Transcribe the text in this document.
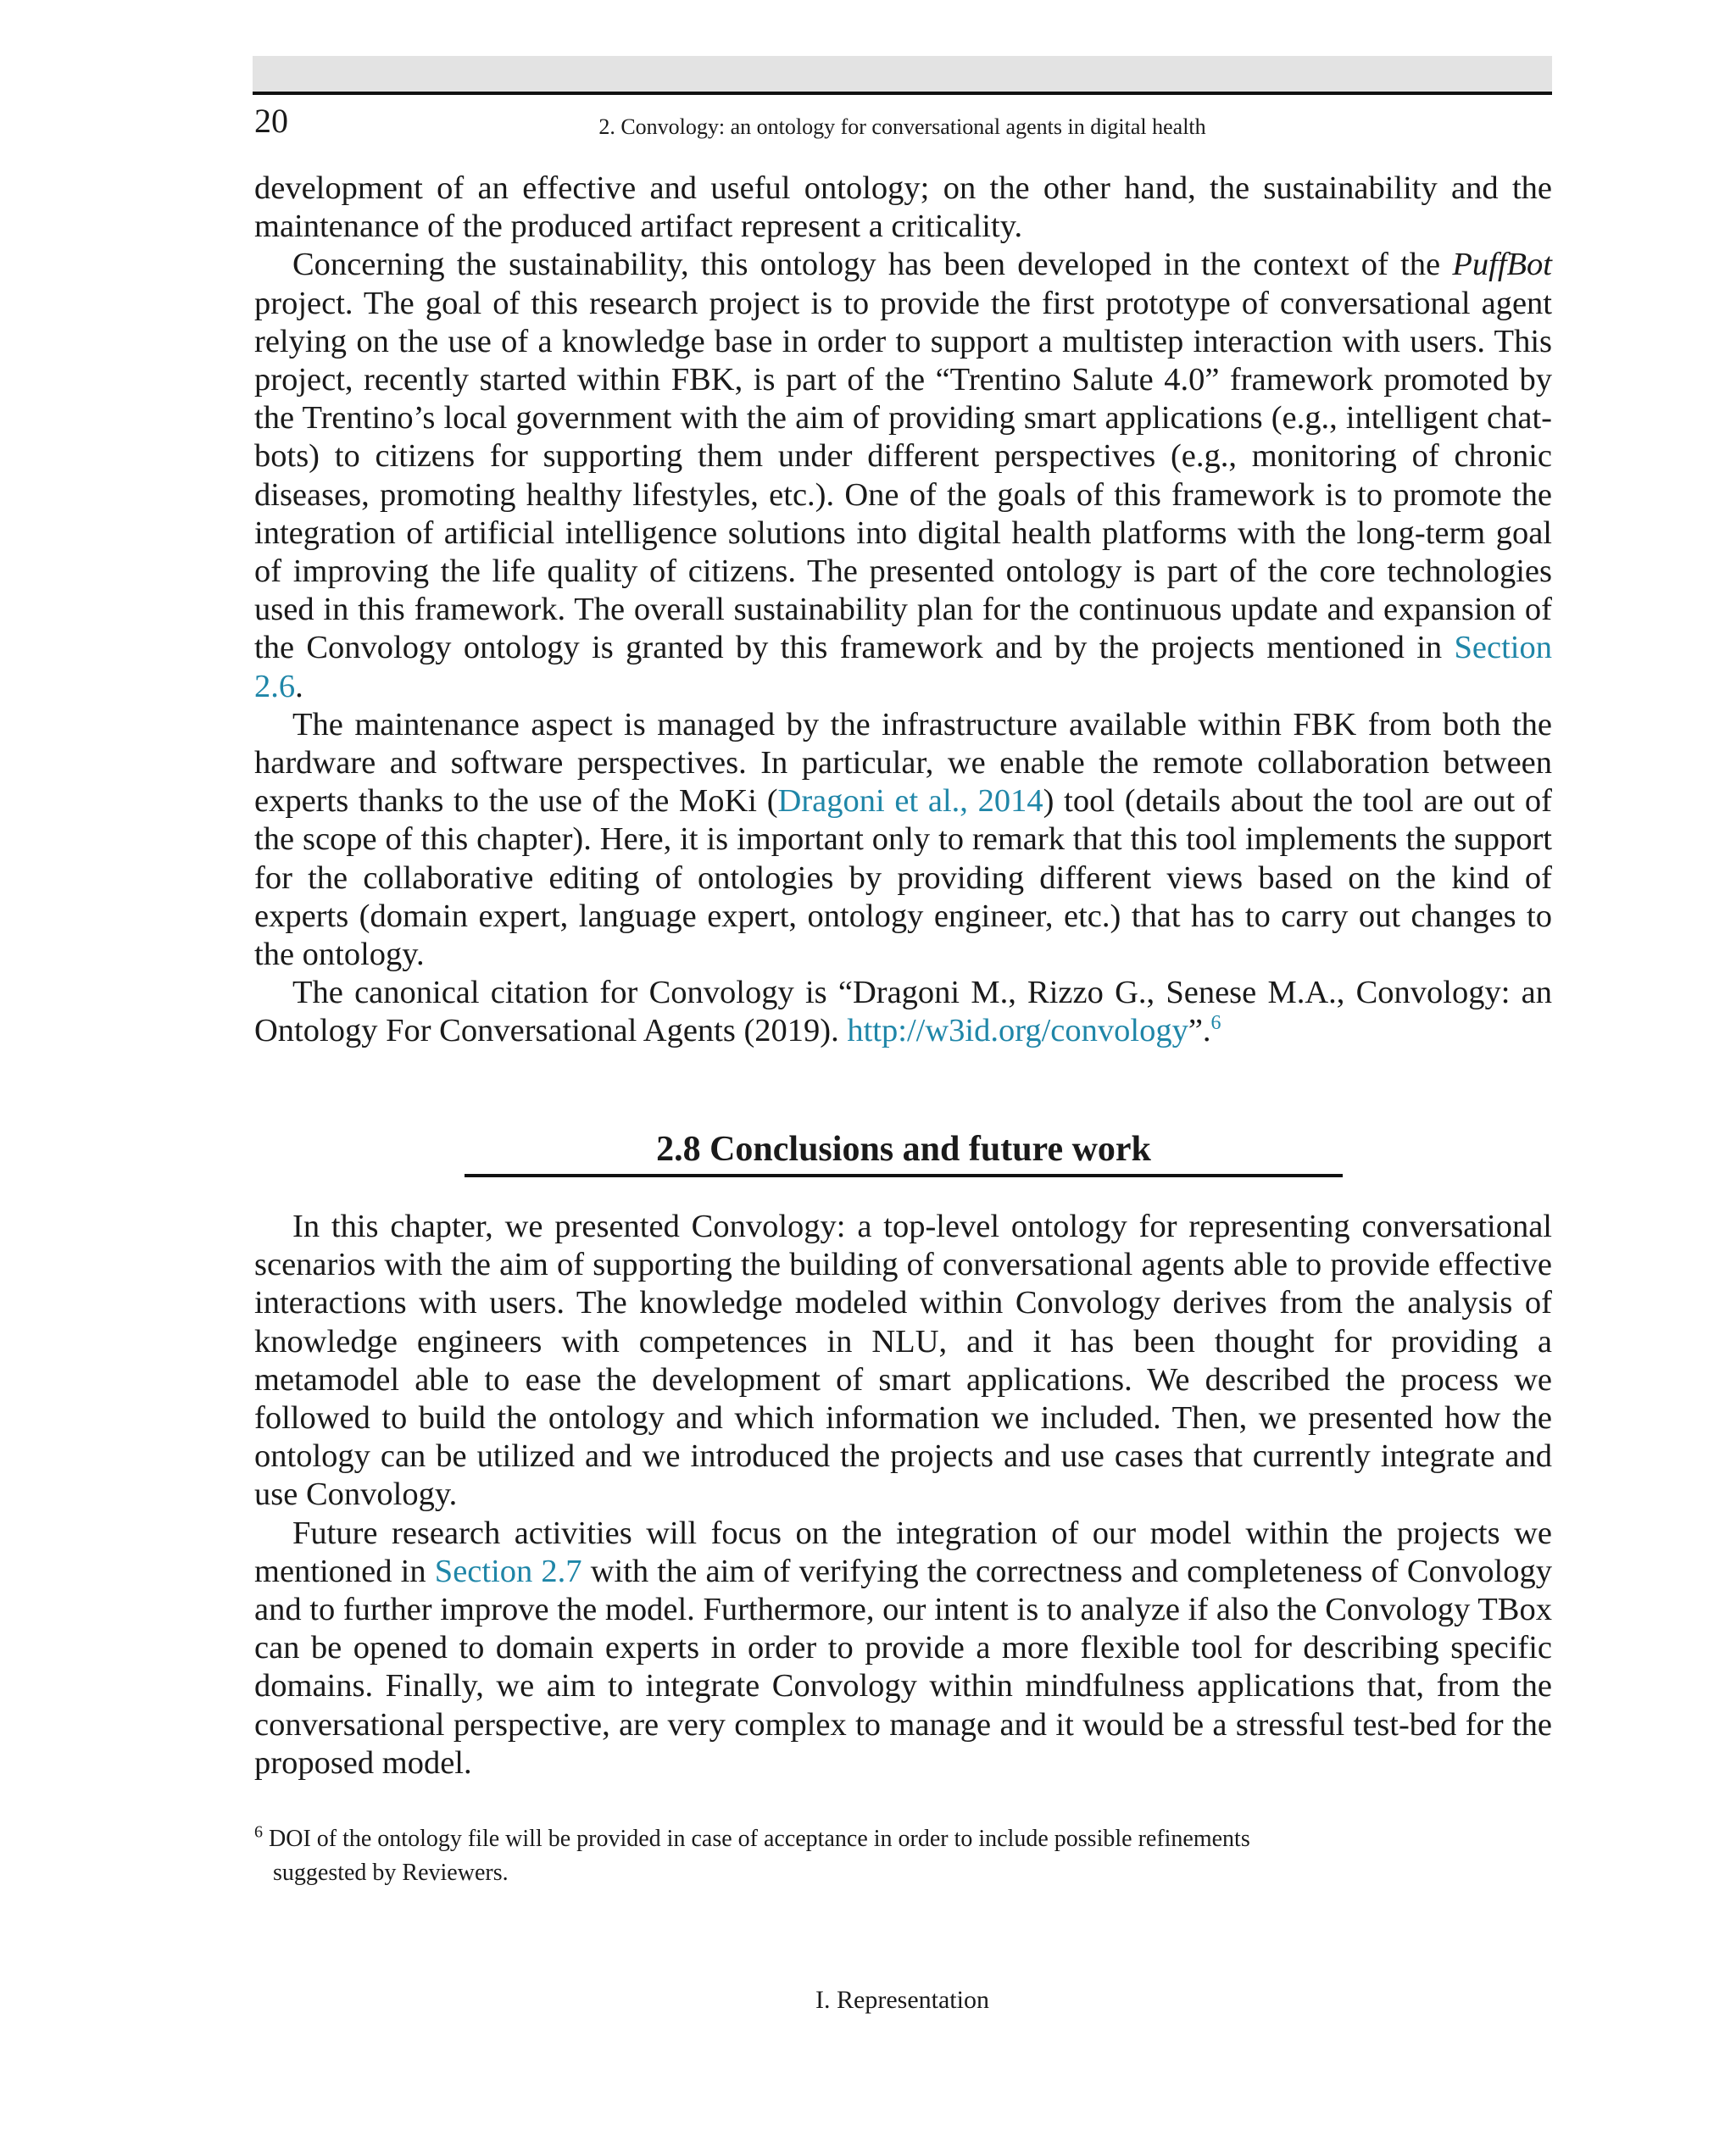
20	2. Convology: an ontology for conversational agents in digital health

development of an effective and useful ontology; on the other hand, the sustainability and the maintenance of the produced artifact represent a criticality.

Concerning the sustainability, this ontology has been developed in the context of the PuffBot project. The goal of this research project is to provide the first prototype of conversational agent relying on the use of a knowledge base in order to support a multistep interaction with users. This project, recently started within FBK, is part of the “Trentino Salute 4.0” framework promoted by the Trentino’s local government with the aim of providing smart applications (e.g., intelligent chat-bots) to citizens for supporting them under different perspectives (e.g., monitoring of chronic diseases, promoting healthy lifestyles, etc.). One of the goals of this framework is to promote the integration of artificial intelligence solutions into digital health platforms with the long-term goal of improving the life quality of citizens. The presented ontology is part of the core technologies used in this framework. The overall sustainability plan for the continuous update and expansion of the Convology ontology is granted by this framework and by the projects mentioned in Section 2.6.

The maintenance aspect is managed by the infrastructure available within FBK from both the hardware and software perspectives. In particular, we enable the remote collaboration between experts thanks to the use of the MoKi (Dragoni et al., 2014) tool (details about the tool are out of the scope of this chapter). Here, it is important only to remark that this tool implements the support for the collaborative editing of ontologies by providing different views based on the kind of experts (domain expert, language expert, ontology engineer, etc.) that has to carry out changes to the ontology.

The canonical citation for Convology is “Dragoni M., Rizzo G., Senese M.A., Convology: an Ontology For Conversational Agents (2019). http://w3id.org/convology”.$^6$

2.8 Conclusions and future work

In this chapter, we presented Convology: a top-level ontology for representing conversational scenarios with the aim of supporting the building of conversational agents able to provide effective interactions with users. The knowledge modeled within Convology derives from the analysis of knowledge engineers with competences in NLU, and it has been thought for providing a metamodel able to ease the development of smart applications. We described the process we followed to build the ontology and which information we included. Then, we presented how the ontology can be utilized and we introduced the projects and use cases that currently integrate and use Convology.

Future research activities will focus on the integration of our model within the projects we mentioned in Section 2.7 with the aim of verifying the correctness and completeness of Convology and to further improve the model. Furthermore, our intent is to analyze if also the Convology TBox can be opened to domain experts in order to provide a more flexible tool for describing specific domains. Finally, we aim to integrate Convology within mindfulness applications that, from the conversational perspective, are very complex to manage and it would be a stressful test-bed for the proposed model.

$^6$ DOI of the ontology file will be provided in case of acceptance in order to include possible refinements
suggested by Reviewers.
I. Representation
